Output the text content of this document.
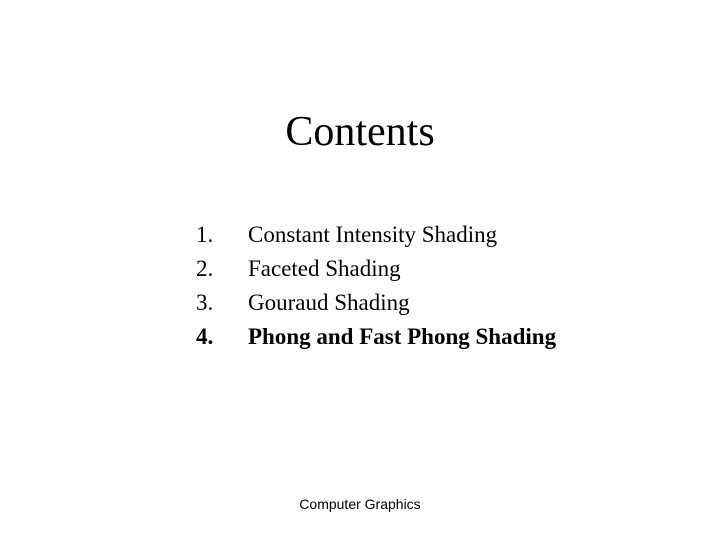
Contents
1.	Constant Intensity Shading
2.	Faceted Shading
3.	Gouraud Shading
4.	Phong and Fast Phong Shading
Computer Graphics
